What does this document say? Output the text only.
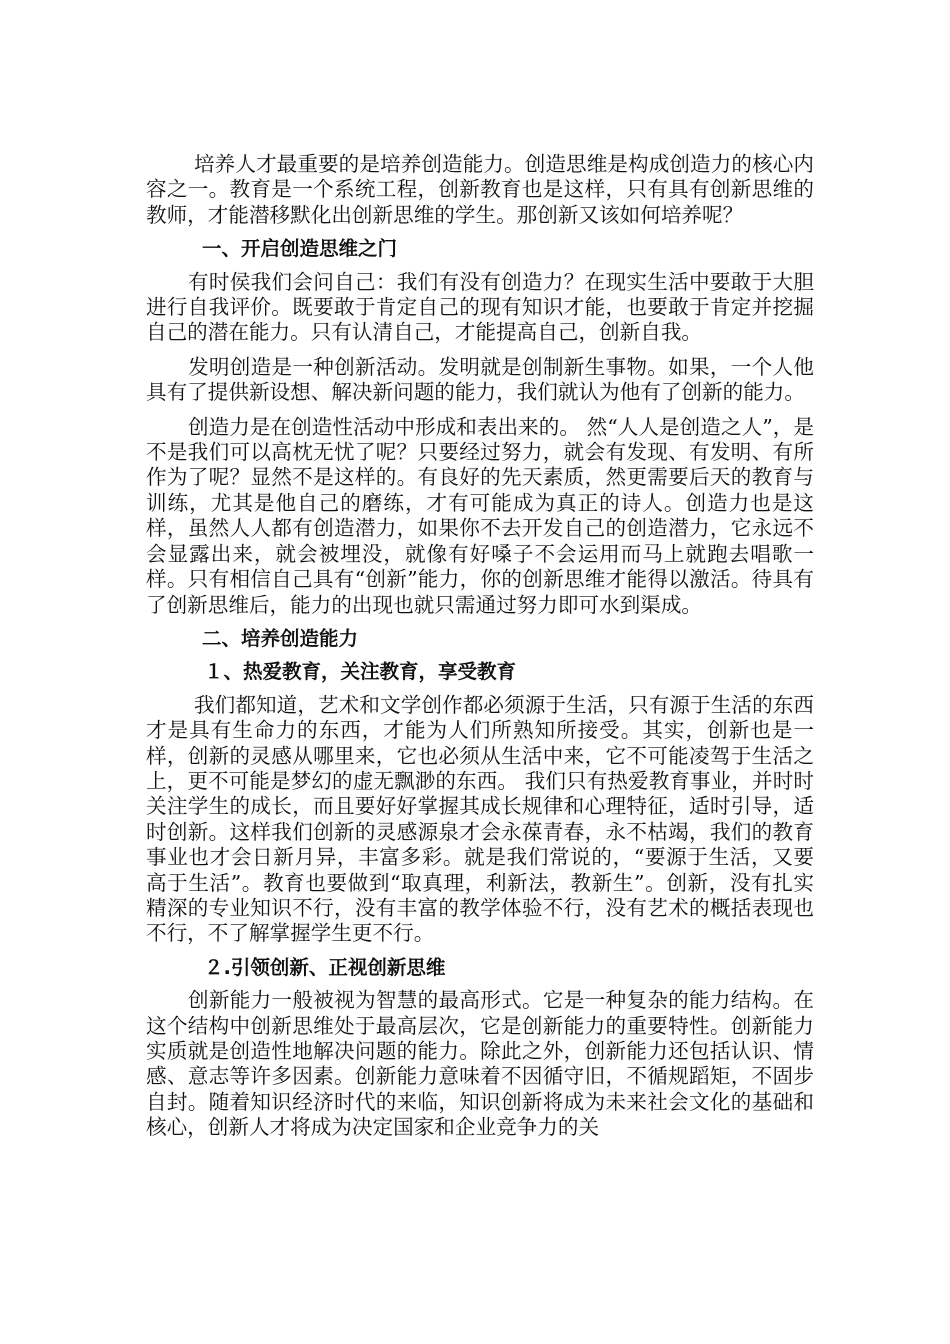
培养人才最重要的是培养创造能力。创造思维是构成创造力的核心内容之一。教育是一个系统工程，创新教育也是这样，只有具有创新思维的教师，才能潜移默化出创新思维的学生。那创新又该如何培养呢？

一、开启创造思维之门

有时侯我们会问自己：我们有没有创造力？在现实生活中要敢于大胆进行自我评价。既要敢于肯定自己的现有知识才能，也要敢于肯定并挖掘自己的潜在能力。只有认清自己，才能提高自己，创新自我。

发明创造是一种创新活动。发明就是创制新生事物。如果，一个人他具有了提供新设想、解决新问题的能力，我们就认为他有了创新的能力。

创造力是在创造性活动中形成和表出来的。 然“人人是创造之人”，是不是我们可以高枕无忧了呢？只要经过努力，就会有发现、有发明、有所作为了呢？显然不是这样的。有良好的先天素质，然更需要后天的教育与训练，尤其是他自己的磨练，才有可能成为真正的诗人。创造力也是这样，虽然人人都有创造潜力，如果你不去开发自己的创造潜力，它永远不会显露出来，就会被埋没，就像有好嗓子不会运用而马上就跑去唱歌一样。只有相信自己具有“创新”能力，你的创新思维才能得以激活。待具有了创新思维后，能力的出现也就只需通过努力即可水到渠成。

二、培养创造能力
１、热爱教育，关注教育，享受教育

我们都知道，艺术和文学创作都必须源于生活，只有源于生活的东西才是具有生命力的东西，才能为人们所熟知所接受。其实，创新也是一样，创新的灵感从哪里来，它也必须从生活中来，它不可能凌驾于生活之上，更不可能是梦幻的虚无飘渺的东西。 我们只有热爱教育事业，并时时关注学生的成长，而且要好好掌握其成长规律和心理特征，适时引导，适时创新。这样我们创新的灵感源泉才会永葆青春，永不枯竭，我们的教育事业也才会日新月异，丰富多彩。就是我们常说的，“要源于生活，又要高于生活”。教育也要做到“取真理，利新法，教新生”。创新，没有扎实精深的专业知识不行，没有丰富的教学体验不行，没有艺术的概括表现也不行，不了解掌握学生更不行。

２.引领创新、正视创新思维

创新能力一般被视为智慧的最高形式。它是一种复杂的能力结构。在这个结构中创新思维处于最高层次，它是创新能力的重要特性。创新能力实质就是创造性地解决问题的能力。除此之外，创新能力还包括认识、情感、意志等许多因素。创新能力意味着不因循守旧，不循规蹈矩，不固步自封。随着知识经济时代的来临，知识创新将成为未来社会文化的基础和核心，创新人才将成为决定国家和企业竞争力的关
